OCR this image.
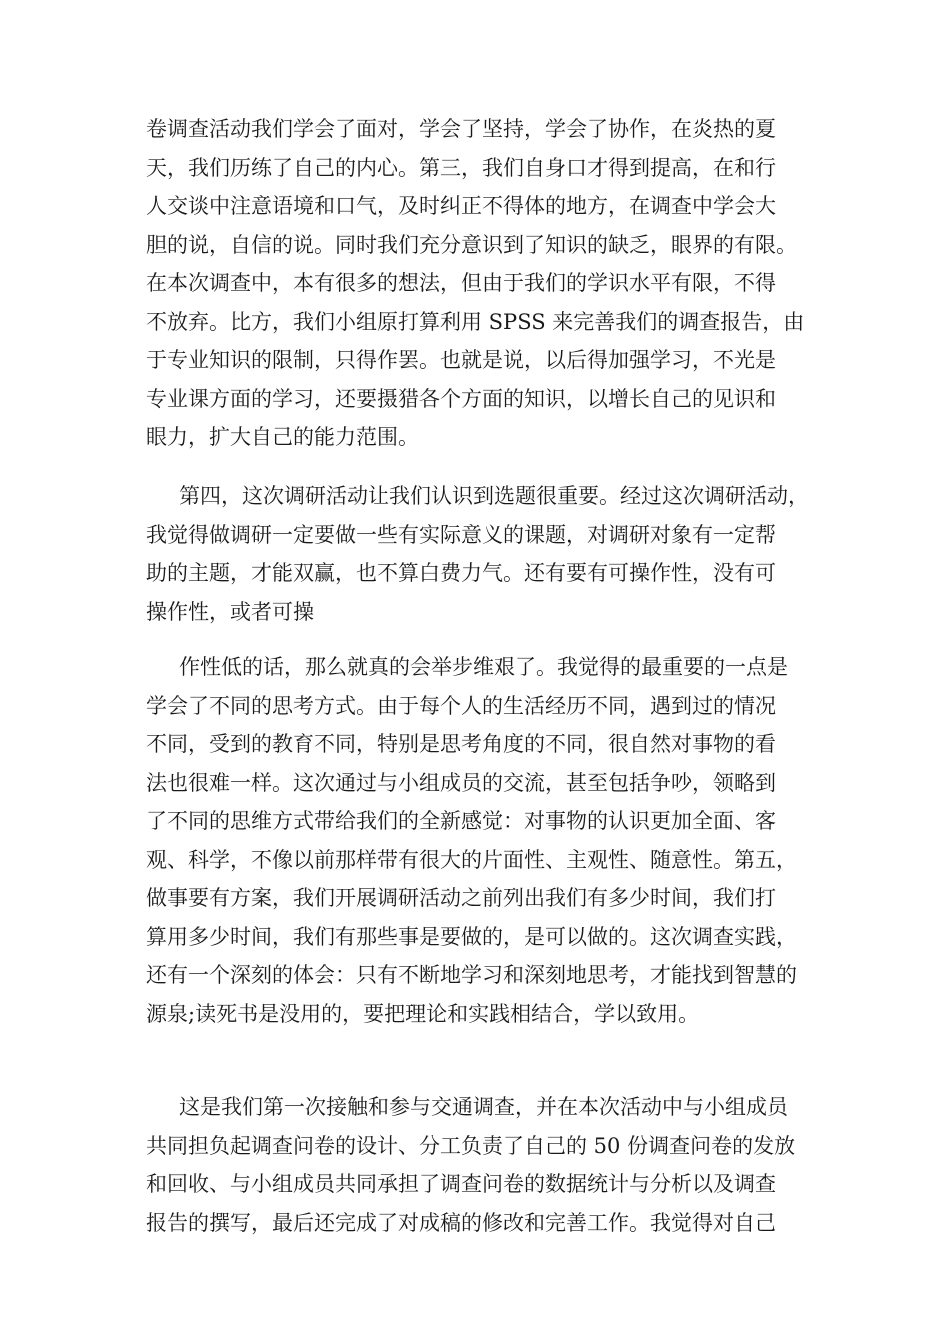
卷调查活动我们学会了面对，学会了坚持，学会了协作，在炎热的夏
天，我们历练了自己的内心。第三，我们自身口才得到提高，在和行
人交谈中注意语境和口气，及时纠正不得体的地方，在调查中学会大
胆的说，自信的说。同时我们充分意识到了知识的缺乏，眼界的有限。
在本次调查中，本有很多的想法，但由于我们的学识水平有限，不得
不放弃。比方，我们小组原打算利用 SPSS 来完善我们的调查报告，由
于专业知识的限制，只得作罢。也就是说，以后得加强学习，不光是
专业课方面的学习，还要摄猎各个方面的知识，以增长自己的见识和
眼力，扩大自己的能力范围。
第四，这次调研活动让我们认识到选题很重要。经过这次调研活动，
我觉得做调研一定要做一些有实际意义的课题，对调研对象有一定帮
助的主题，才能双赢，也不算白费力气。还有要有可操作性，没有可
操作性，或者可操
作性低的话，那么就真的会举步维艰了。我觉得的最重要的一点是
学会了不同的思考方式。由于每个人的生活经历不同，遇到过的情况
不同，受到的教育不同，特别是思考角度的不同，很自然对事物的看
法也很难一样。这次通过与小组成员的交流，甚至包括争吵，领略到
了不同的思维方式带给我们的全新感觉：对事物的认识更加全面、客
观、科学，不像以前那样带有很大的片面性、主观性、随意性。第五，
做事要有方案，我们开展调研活动之前列出我们有多少时间，我们打
算用多少时间，我们有那些事是要做的，是可以做的。这次调查实践，
还有一个深刻的体会：只有不断地学习和深刻地思考，才能找到智慧的
源泉;读死书是没用的，要把理论和实践相结合，学以致用。
这是我们第一次接触和参与交通调查，并在本次活动中与小组成员
共同担负起调查问卷的设计、分工负责了自己的 50 份调查问卷的发放
和回收、与小组成员共同承担了调查问卷的数据统计与分析以及调查
报告的撰写，最后还完成了对成稿的修改和完善工作。我觉得对自己
